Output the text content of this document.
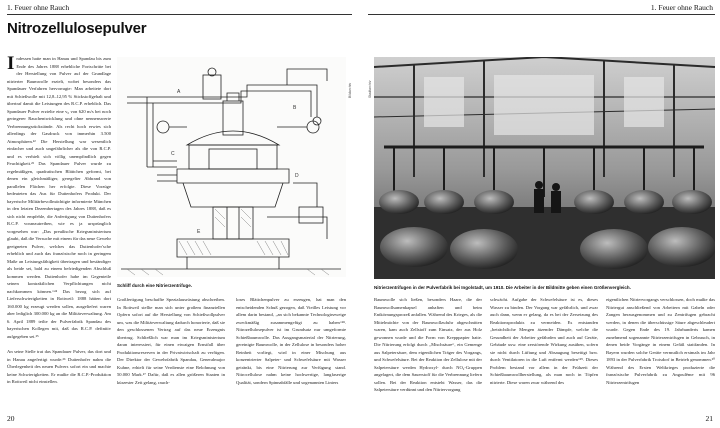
1. Feuer ohne Rauch	1. Feuer ohne Rauch
Nitrozellulosepulver
Indessen hatte man in Hanau und Spandau bis zum Ende des Jahres 1888 erhebliche Fortschritte bei der Herstellung von Pulver auf der Grundlage nitrierter Baumwolle erzielt, wobei besonders das Spandauer Verfahren hervorragte: Man arbeitete dort mit Schießwolle mit 12,8–12,95 % Stickstoffgehalt und übertraf damit die Leistungen des R.C.P. erheblich. Das Spandauer Pulver erzielte eine v₀ von 620 m/s bei noch geringerer Rauchentwicklung und ohne nennenswerte Verbrennungsrückstände. Als recht hoch erwies sich allerdings der Gasdruck von immerhin 3.500 Atmosphären.²² Die Herstellung war wesentlich einfacher und auch ungefährlicher als die von R.C.P. und es verhielt sich völlig unempfindlich gegen Feuchtigkeit.²³ Das Spandauer Pulver wurde zu regelmäßigen, quadratischen Blättchen geformt, bei denen ein gleichmäßiger, geregelter Abbrand von parallelen Flächen her erfolgte. Diese Vorzüge bedeuteten das Aus für Duttenhofers Produkt. Der bayerische Militärbevollmächtigte informierte München in den letzten Dezembertagen des Jahres 1888, daß es sich nicht empfehle, die Anfertigung von Duttenhofers R.C.P. voranzutreiben, wie es ja ursprünglich vorgesehen war: „Das preußische Kriegsministerium glaubt, daß die Versuche mit einem für das neue Gewehr geeigneten Pulver, welches das Duttenhofer'sche erheblich und auch das französische noch in geringem Maße an Leistungsfähigkeit übertragen und beständiger als beide sei, bald zu einem befriedigenden Abschluß kommen werden. Duttenhofer habe im Gegenteile seinen kontraktlichen Verpflichtungen nicht nachkommen können.“²⁴ Das bezog sich auf Lieferschwierigkeiten in Rottweil: 1888 hätten dort 160.000 kg erzeugt werden sollen, ausgeliefert waren aber lediglich 300.000 kg an die Militärverwaltung. Am 6. April 1889 teilte der Pulverfabrik Spandau des bayerischen Kollegen mit, daß das R.C.P. definitiv aufgegeben sei.²⁵
An seine Stelle trat das Spandauer Pulver, das dort und in Hanau angefertigt wurde.²⁶ Duttenhofer nahm die Überlegenheit des neuen Pulvers sofort ein und machte keine Schwierigkeiten. Er mußte die R.C.P.-Produktion in Rottweil nicht einstellen.
Bildarchiv
A
B
C
D
E
Schliff durch eine Nitrierzentrifuge.
Stadtarchiv
Nitrierzentrifugen in der Pulverfabrik bei Ingolstadt, um 1910. Die Arbeiter in der Bildmitte geben einen Größenvergleich.
Großfertigung beschaffte Spezialausrüstung abschreiben. In Rottweil stellte man sich unter großem finanziellen Opfern sofort auf die Herstellung von Schießwollpulver um, was die Militärverwaltung dadurch honorierte, daß sie den geschlossenen Vertrag auf das neue Erzeugnis übertrug. Schließlich war man im Kriegsministerium daran interessiert, für einen etwaigen Ernstfall über Produktionsreserven in der Privatwirtschaft zu verfügen. Der Direktor der Gewehrfabrik Spandau, Generalmajor Kuhne, erhielt für seine Verdienste eine Belohnung von 50.000 Mark.²⁷ Dafür, daß es allen größeren Staaten in kürzester Zeit gelang, rauch-
loses Blättchenpulver zu erzeugen, hat man den entscheidenden Schuß gezogen, daß Vieilles Leistung vor allem darin bestand, „an sich bekannte Technologiezweige zweckmäßig zusammengefügt zu haben“²⁸. Nitrozellulosepulver ist im Grundsatz nur umgeformte Schießbaumwolle. Das Ausgangsmaterial der Nitrierung, gereinigte Baumwolle, in der Zellulose in besonders hoher Reinheit vorliegt, wird in einer Mischung aus konzentrierter Salpeter- und Schwefelsäure mit Wasser getränkt, bis eine Nitrierung zur Verfügung stand. Nitrocellulose nahm keine hochwertige, langfaserige Qualität, sondern Spinnabfälle und sogenannten Linters
Baumwolle sich ließen, besonders Haare, die der Baumwollsamenkapsel anhaften und beim Entkörnungsprozeß anfallen. Während des Krieges, als die Mittelmächte von der Baumwollzufuhr abgeschnitten waren, kam auch Zellstoff zum Einsatz, der aus Holz gewonnen wurde und die Form von Krepppapier hatte. Die Nitrierung erfolgt durch „Mischsäure“, ein Gemenge aus Salpetersäure, dem eigentlichen Träger des Vorgangs, und Schwefelsäure. Bei der Reaktion der Zellulose mit der Salpetersäure werden Hydroxyl- durch NO₂-Gruppen angelagert, die dem Sauerstoff für die Verbrennung liefern sollen. Bei der Reaktion entsteht Wasser, das die Salpetersäure verdünnt und den Nitriervorgang
schwächt. Aufgabe der Schwefelsäure ist es, dieses Wasser zu binden. Der Vorgang war gefährlich, und zwar auch dann, wenn er gelang, da es bei der Zersetzung des Reaktionsprodukts zu vermeiden. Es entstanden „beträchtliche Mengen ätzender Dämpfe, welche die Gesundheit der Arbeiter gefährden und auch auf Geräte, Gebäude usw. eine zerstörende Wirkung ausüben, sofern sie nicht durch Lüftung und Absaugung beseitigt bzw. durch Ventilatoren in die Luft entfernt werden“²⁹. Dieses Problem bestand vor allem in der Frühzeit der Schießbaumwollherstellung, als man noch in Töpfen nitrierte. Diese waren zwar während des
eigentlichen Nitriervorgangs verschlossen, doch mußte das Nitriergut anschließend von Arbeitern mit Gabeln oder Zangen herausgenommen und zu Zentrifugen gebracht werden, in denen die überschüssige Säure abgeschleudert wurde. Gegen Ende des 19. Jahrhunderts kamen zunehmend sogenannte Nitrierzentrifugen in Gebrauch, in denen beide Vorgänge in einem Gefäß stattfanden. In Bayern wurden solche Geräte vermutlich erstmals im Jahr 1893 in der Pulverfabrik Troisdorf in Betrieb genommen.³⁰ Während des Ersten Weltkrieges produzierte die französische Pulverfabrik zu Angoulême mit 96 Nitrierzentrifugen
20	21
